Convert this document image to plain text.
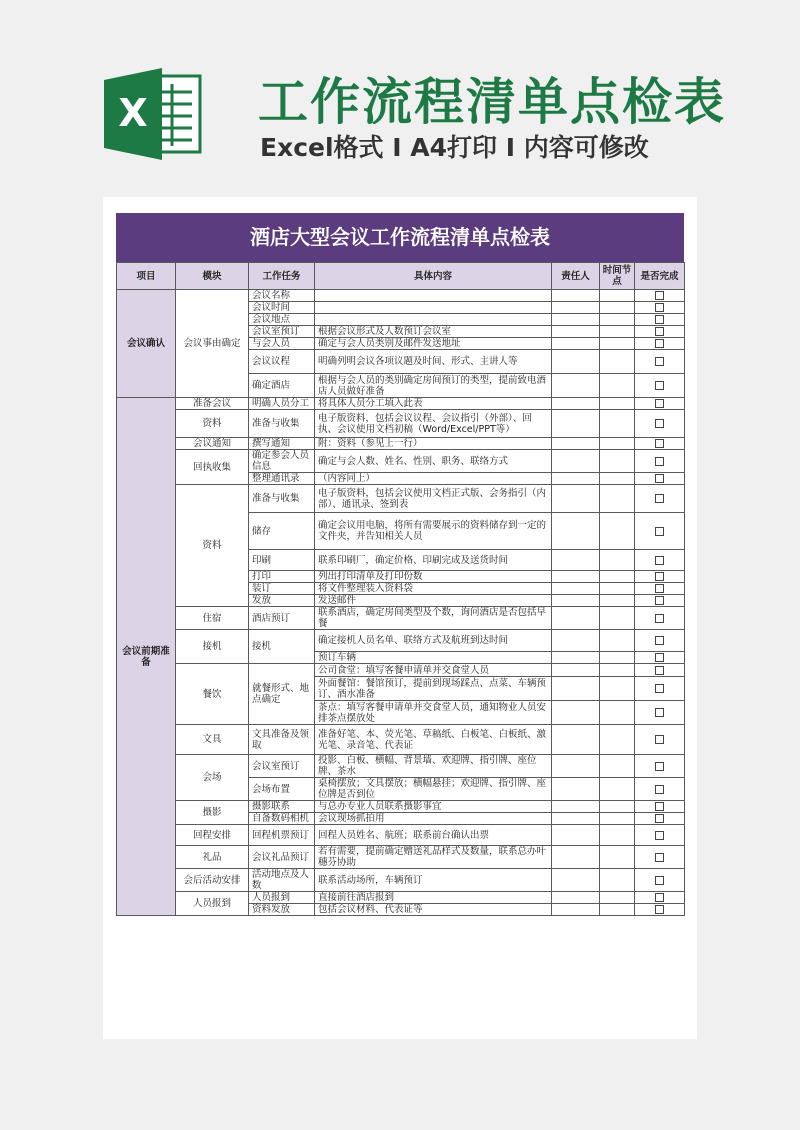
X 工作流程清单点检表
Excel格式 I A4打印 I 内容可修改
酒店大型会议工作流程清单点检表
项目	模块	工作任务	具体内容	责任人	时间节点	是否完成
会议确认	会议事由确定	会议名称				
		会议时间				
		会议地点				
		会议室预订	根据会议形式及人数预订会议室			
		与会人员	确定与会人员类别及邮件发送地址			
		会议议程	明确列明会议各项议题及时间、形式、主讲人等			
		确定酒店	根据与会人员的类别确定房间预订的类型，提前致电酒店人员做好准备			
会议前期准备	准备会议	明确人员分工	将具体人员分工填入此表			
	资料	准备与收集	电子版资料，包括会议议程、会议指引（外部）、回执、会议使用文档初稿（Word/Excel/PPT等）			
	会议通知	撰写通知	附：资料（参见上一行）			
	回执收集	确定参会人员信息	确定与会人数、姓名、性别、职务、联络方式			
		整理通讯录	（内容同上）			
	资料	准备与收集	电子版资料，包括会议使用文档正式版、会务指引（内部）、通讯录、签到表			
		储存	确定会议用电脑，将所有需要展示的资料储存到一定的文件夹，并告知相关人员			
		印刷	联系印刷厂，确定价格、印刷完成及送货时间			
		打印	列出打印清单及打印份数			
		装订	将文件整理装入资料袋			
		发放	发送邮件			
	住宿	酒店预订	联系酒店，确定房间类型及个数，询问酒店是否包括早餐			
	接机	接机	确定接机人员名单、联络方式及航班到达时间			
			预订车辆			
	餐饮	就餐形式、地点确定	公司食堂：填写客餐申请单并交食堂人员			
			外面餐馆：餐馆预订，提前到现场踩点、点菜、车辆预订、酒水准备			
			茶点：填写客餐申请单并交食堂人员，通知物业人员安排茶点摆放处			
	文具	文具准备及领取	准备好笔、本、荧光笔、草稿纸、白板笔、白板纸、激光笔、录音笔、代表证			
	会场	会议室预订	投影、白板、横幅、背景墙、欢迎牌、指引牌、座位牌、茶水			
		会场布置	桌椅摆放；文具摆放；横幅悬挂；欢迎牌、指引牌、座位牌是否到位			
	摄影	摄影联系	与总办专业人员联系摄影事宜			
		自备数码相机	会议现场抓拍用			
	回程安排	回程机票预订	回程人员姓名、航班；联系前台确认出票			
	礼品	会议礼品预订	若有需要，提前确定赠送礼品样式及数量，联系总办叶穗芬协助			
	会后活动安排	活动地点及人数	联系活动场所，车辆预订			
	人员报到	人员报到	直接前往酒店报到			
		资料发放	包括会议材料、代表证等			
